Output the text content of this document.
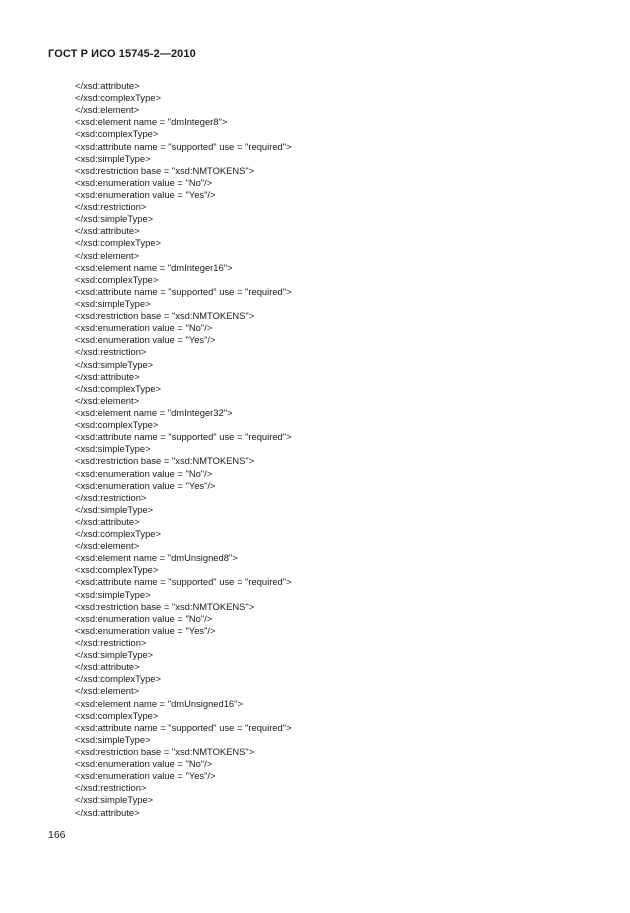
ГОСТ Р ИСО 15745-2—2010
</xsd:attribute>
</xsd:complexType>
</xsd:element>
<xsd:element name = "dmInteger8">
<xsd:complexType>
<xsd:attribute name = "supported" use = "required">
<xsd:simpleType>
<xsd:restriction base = "xsd:NMTOKENS">
<xsd:enumeration value = "No"/>
<xsd:enumeration value = "Yes"/>
</xsd:restriction>
</xsd:simpleType>
</xsd:attribute>
</xsd:complexType>
</xsd:element>
<xsd:element name = "dmInteger16">
<xsd:complexType>
<xsd:attribute name = "supported" use = "required">
<xsd:simpleType>
<xsd:restriction base = "xsd:NMTOKENS">
<xsd:enumeration value = "No"/>
<xsd:enumeration value = "Yes"/>
</xsd:restriction>
</xsd:simpleType>
</xsd:attribute>
</xsd:complexType>
</xsd:element>
<xsd:element name = "dmInteger32">
<xsd:complexType>
<xsd:attribute name = "supported" use = "required">
<xsd:simpleType>
<xsd:restriction base = "xsd:NMTOKENS">
<xsd:enumeration value = "No"/>
<xsd:enumeration value = "Yes"/>
</xsd:restriction>
</xsd:simpleType>
</xsd:attribute>
</xsd:complexType>
</xsd:element>
<xsd:element name = "dmUnsigned8">
<xsd:complexType>
<xsd:attribute name = "supported" use = "required">
<xsd:simpleType>
<xsd:restriction base = "xsd:NMTOKENS">
<xsd:enumeration value = "No"/>
<xsd:enumeration value = "Yes"/>
</xsd:restriction>
</xsd:simpleType>
</xsd:attribute>
</xsd:complexType>
</xsd:element>
<xsd:element name = "dmUnsigned16">
<xsd:complexType>
<xsd:attribute name = "supported" use = "required">
<xsd:simpleType>
<xsd:restriction base = "xsd:NMTOKENS">
<xsd:enumeration value = "No"/>
<xsd:enumeration value = "Yes"/>
</xsd:restriction>
</xsd:simpleType>
</xsd:attribute>
166
